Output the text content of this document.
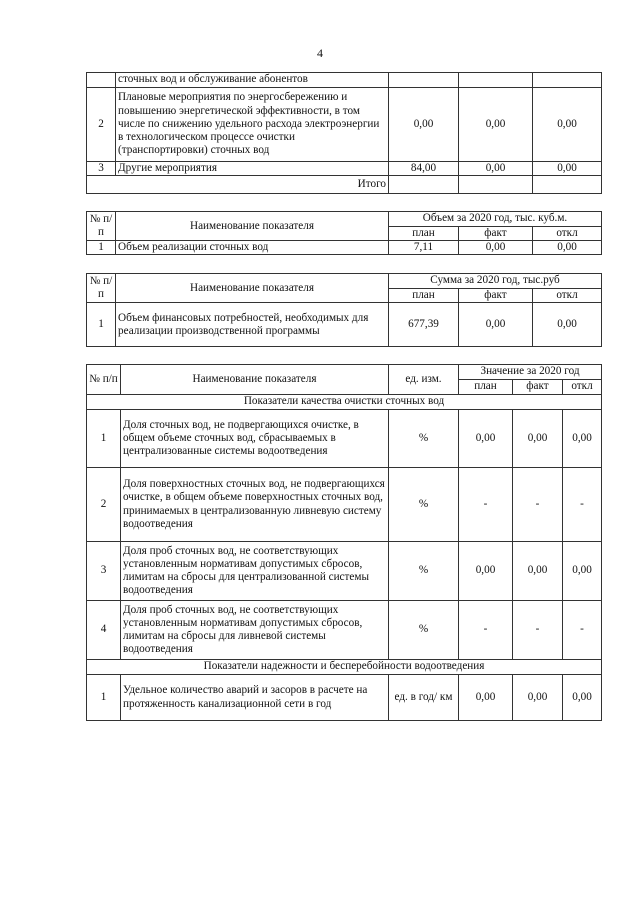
4
	сточных вод и обслуживание абонентов			
2	Плановые мероприятия по энергосбережению и повышению энергетической эффективности, в том числе по снижению удельного расхода электроэнергии в технологическом процессе очистки (транспортировки) сточных вод	0,00	0,00	0,00
3	Другие мероприятия	84,00	0,00	0,00
Итого				
№ п/п	Наименование показателя	Объем за 2020 год, тыс. куб.м.		
		план	факт	откл
1	Объем реализации сточных вод	7,11	0,00	0,00
№ п/п	Наименование показателя	Сумма за 2020 год, тыс.руб		
		план	факт	откл
1	Объем финансовых потребностей, необходимых для реализации производственной программы	677,39	0,00	0,00
№ п/п	Наименование показателя	ед. изм.	Значение за 2020 год		
			план	факт	откл
Показатели качества очистки сточных вод					
1	Доля сточных вод, не подвергающихся очистке, в общем объеме сточных вод, сбрасываемых в централизованные системы водоотведения	%	0,00	0,00	0,00
2	Доля поверхностных сточных вод, не подвергающихся очистке, в общем объеме поверхностных сточных вод, принимаемых в централизованную ливневую систему водоотведения	%	-	-	-
3	Доля проб сточных вод, не соответствующих установленным нормативам допустимых сбросов, лимитам на сбросы для централизованной системы водоотведения	%	0,00	0,00	0,00
4	Доля проб сточных вод, не соответствующих установленным нормативам допустимых сбросов, лимитам на сбросы для ливневой системы водоотведения	%	-	-	-
Показатели надежности и бесперебойности водоотведения					
1	Удельное количество аварий и засоров в расчете на протяженность канализационной сети в год	ед. в год/ км	0,00	0,00	0,00
